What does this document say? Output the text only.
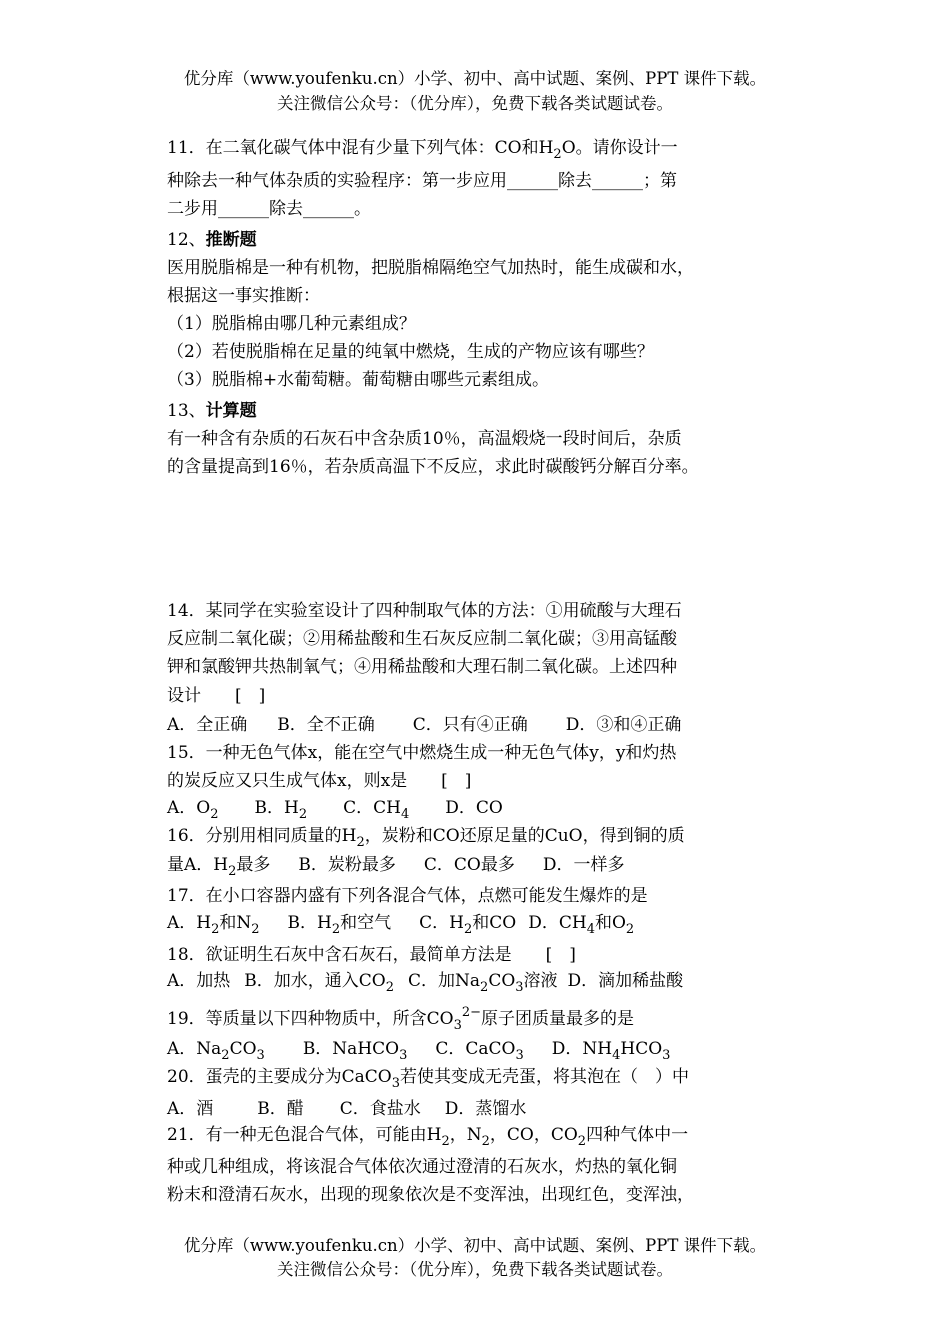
优分库（www.youfenku.cn）小学、初中、高中试题、案例、PPT 课件下载。
关注微信公众号：（优分库），免费下载各类试题试卷。
11．在二氧化碳气体中混有少量下列气体：CO和$H_2O$。请你设计一
种除去一种气体杂质的实验程序：第一步应用______除去______；第
二步用______除去______。
12、推断题
医用脱脂棉是一种有机物，把脱脂棉隔绝空气加热时，能生成碳和水，
根据这一事实推断：
（1）脱脂棉由哪几种元素组成？
（2）若使脱脂棉在足量的纯氧中燃烧，生成的产物应该有哪些？
（3）脱脂棉+水葡萄糖。葡萄糖由哪些元素组成。
13、计算题
有一种含有杂质的石灰石中含杂质10％，高温煅烧一段时间后，杂质
的含量提高到16％，若杂质高温下不反应，求此时碳酸钙分解百分率。
14．某同学在实验室设计了四种制取气体的方法：①用硫酸与大理石
反应制二氧化碳；②用稀盐酸和生石灰反应制二氧化碳；③用高锰酸
钾和氯酸钾共热制氧气；④用稀盐酸和大理石制二氧化碳。上述四种
设计　　[　]
A．全正确 B．全不正确 C．只有④正确 D．③和④正确
15．一种无色气体x，能在空气中燃烧生成一种无色气体y，y和灼热
的炭反应又只生成气体x，则x是　　[　]
A．$O_2$ B．$H_2$ C．$CH_4$ D．CO
16．分别用相同质量的$H_2$，炭粉和CO还原足量的CuO，得到铜的质
量A．$H_2$最多 B．炭粉最多 C．CO最多 D．一样多
17．在小口容器内盛有下列各混合气体，点燃可能发生爆炸的是
A．$H_2$和$N_2$ B．$H_2$和空气 C．$H_2$和CO D．$CH_4$和$O_2$
18．欲证明生石灰中含石灰石，最简单方法是　　[　]
A．加热 B．加水，通入$CO_2$ C．加$Na_2CO_3$溶液 D．滴加稀盐酸
19．等质量以下四种物质中，所含$CO_3^{2-}$原子团质量最多的是
A．$Na_2CO_3$ B．NaHCO$_3$ C．CaCO$_3$ D．$NH_4HCO_3$
20．蛋壳的主要成分为CaCO$_3$若使其变成无壳蛋，将其泡在（　）中
A．酒	B．醋 C．食盐水 D．蒸馏水
21．有一种无色混合气体，可能由$H_2$，$N_2$，CO，$CO_2$四种气体中一
种或几种组成，将该混合气体依次通过澄清的石灰水，灼热的氧化铜
粉末和澄清石灰水，出现的现象依次是不变浑浊，出现红色，变浑浊，
优分库（www.youfenku.cn）小学、初中、高中试题、案例、PPT 课件下载。
关注微信公众号：（优分库），免费下载各类试题试卷。
